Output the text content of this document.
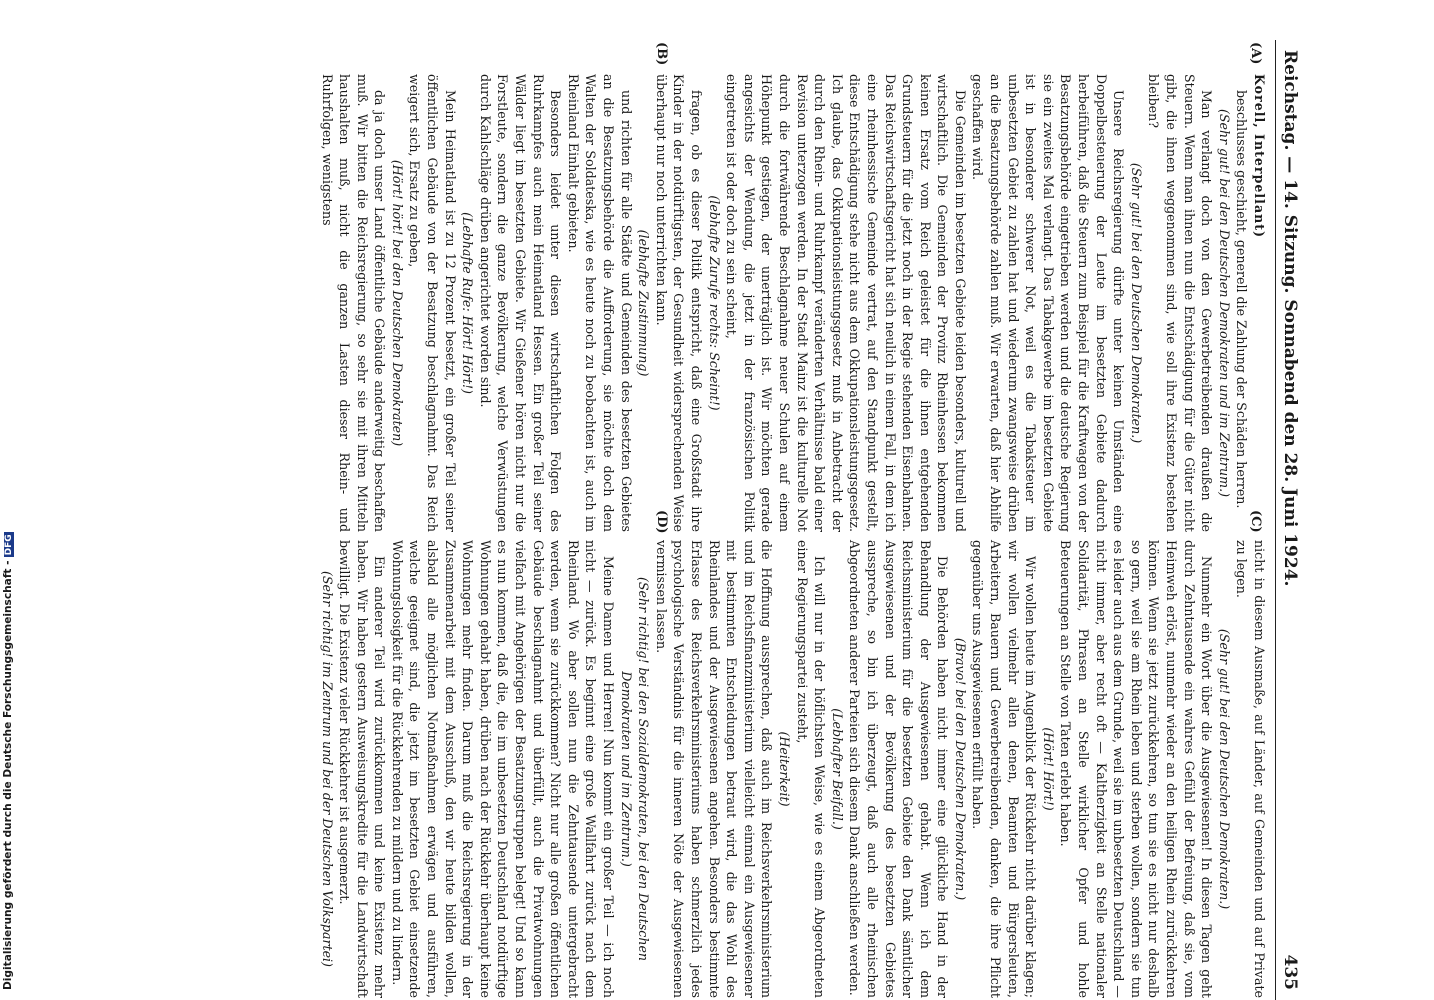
Reichstag. — 14. Sitzung. Sonnabend den 28. Juni 1924.
435
(A)
(B)
(C)
(D)

Korell, Interpellant)

beschlusses geschieht, generell die Zahlung der Schäden herren.

(Sehr gut! bei den Deutschen Demokraten und im Zentrum.)

Man verlangt doch von den Gewerbetreibenden draußen die Steuern. Wenn man ihnen nun die Entschädigung für die Güter nicht gibt, die ihnen weggenommen sind, wie soll ihre Existenz bestehen bleiben?

(Sehr gut! bei den Deutschen Demokraten.)

Unsere Reichsregierung dürfte unter keinen Umständen eine Doppelbesteuerung der Leute im besetzten Gebiete dadurch herbeiführen, daß die Steuern zum Beispiel für die Kraftwagen von der Besatzungsbehörde eingetrieben werden und die deutsche Regierung sie ein zweites Mal verlangt. Das Tabakgewerbe im besetzten Gebiete ist in besonderer schwerer Not, weil es die Tabaksteuer im unbesetzten Gebiet zu zahlen hat und wiederum zwangsweise drüben an die Besatzungsbehörde zahlen muß. Wir erwarten, daß hier Abhilfe geschaffen wird.

Die Gemeinden im besetzten Gebiete leiden besonders, kulturell und wirtschaftlich. Die Gemeinden der Provinz Rheinhessen bekommen keinen Ersatz vom Reich geleistet für die ihnen entgehenden Grundsteuern für die jetzt noch in der Regie stehenden Eisenbahnen. Das Reichswirtschaftsgericht hat sich neulich in einem Fall, in dem ich eine rheinhessische Gemeinde vertrat, auf den Standpunkt gestellt, diese Entschädigung stehe nicht aus dem Okkupationsleistungsgesetz. Ich glaube, das Okkupationsleistungsgesetz muß in Anbetracht der durch den Rhein- und Ruhrkampf veränderten Verhältnisse bald einer Revision unterzogen werden. In der Stadt Mainz ist die kulturelle Not durch die fortwährende Beschlagnahme neuer Schulen auf einem Höhepunkt gestiegen, der unerträglich ist. Wir möchten gerade angesichts der Wendung, die jetzt in der französischen Politik eingetreten ist oder doch zu sein scheint,

(lebhafte Zurufe rechts: Scheint!)

fragen, ob es dieser Politik entspricht, daß eine Großstadt ihre Kinder in der notdürftigsten, der Gesundheit widersprechenden Weise überhaupt nur noch unterrichten kann.

(lebhafte Zustimmung)

und richten für alle Städte und Gemeinden des besetzten Gebietes an die Besatzungsbehörde die Aufforderung, sie möchte doch dem Walten der Soldateska, wie es heute noch zu beobachten ist, auch im Rheinland Einhalt gebieten.

Besonders leidet unter diesen wirtschaftlichen Folgen des Ruhrkampfes auch mein Heimatland Hessen. Ein großer Teil seiner Wälder liegt im besetzten Gebiete. Wir Gießener hören nicht nur die Forstleute, sondern die ganze Bevölkerung, welche Verwüstungen durch Kahlschläge drüben angerichtet worden sind.

(Lebhafte Rufe: Hört! Hört!)

Mein Heimatland ist zu 12 Prozent besetzt, ein großer Teil seiner öffentlichen Gebäude von der Besatzung beschlagnahmt. Das Reich weigert sich, Ersatz zu geben,

(Hört! hört! bei den Deutschen Demokraten)

da ja doch unser Land öffentliche Gebäude anderweitig beschaffen muß. Wir bitten die Reichsregierung, so sehr sie mit ihren Mitteln haushalten muß, nicht die ganzen Lasten dieser Rhein- und Ruhrfolgen, wenigstens

nicht in diesem Ausmaße, auf Länder, auf Gemeinden und auf Private zu legen.

(Sehr gut! bei den Deutschen Demokraten.)

Nunmehr ein Wort über die Ausgewiesenen! In diesen Tagen geht durch Zehntausende ein wahres Gefühl der Befreiung, daß sie, vom Heimweh erlöst, nunmehr wieder an den heiligen Rhein zurückkehren können. Wenn sie jetzt zurückkehren, so tun sie es nicht nur deshalb so gern, weil sie am Rhein leben und sterben wollen, sondern sie tun es leider auch aus dem Grunde, weil sie im unbesetzten Deutschland — nicht immer, aber recht oft — Kaltherzigkeit an Stelle nationaler Solidarität, Phrasen an Stelle wirklicher Opfer und hohle Beteuerungen an Stelle von Taten erlebt haben.

(Hört! Hört!)

Wir wollen heute im Augenblick der Rückkehr nicht darüber klagen; wir wollen vielmehr allen denen, Beamten und Bürgersleuten, Arbeitern, Bauern und Gewerbetreibenden, danken, die ihre Pflicht gegenüber uns Ausgewiesenen erfüllt haben.

(Bravo! bei den Deutschen Demokraten.)

Die Behörden haben nicht immer eine glückliche Hand in der Behandlung der Ausgewiesenen gehabt. Wenn ich dem Reichsministerium für die besetzten Gebiete den Dank sämtlicher Ausgewiesenen und der Bevölkerung des besetzten Gebietes ausspreche, so bin ich überzeugt, daß auch alle rheinischen Abgeordneten anderer Parteien sich diesem Dank anschließen werden.

(Lebhafter Beifall.)

Ich will nur in der höflichsten Weise, wie es einem Abgeordneten einer Regierungspartei zusteht,

(Heiterkeit)

die Hoffnung aussprechen, daß auch im Reichsverkehrsministerium und im Reichsfinanzministerium vielleicht einmal ein Ausgewiesener mit bestimmten Entscheidungen betraut wird, die das Wohl des Rheinlandes und der Ausgewiesenen angehen. Besonders bestimmte Erlasse des Reichsverkehrsministeriums haben schmerzlich jedes psychologische Verständnis für die inneren Nöte der Ausgewiesenen vermissen lassen.

(Sehr richtig! bei den Sozialdemokraten, bei den Deutschen Demokraten und im Zentrum.)

Meine Damen und Herren! Nun kommt ein großer Teil — ich noch nicht — zurück. Es beginnt eine große Wallfahrt zurück nach dem Rheinland. Wo aber sollen nun die Zehntausende untergebracht werden, wenn sie zurückkommen? Nicht nur alle großen öffentlichen Gebäude beschlagnahmt und überfüllt, auch die Privatwohnungen vielfach mit Angehörigen der Besatzungstruppen belegt! Und so kann es nun kommen, daß die, die im unbesetzten Deutschland notdürftige Wohnungen gehabt haben, drüben nach der Rückkehr überhaupt keine Wohnungen mehr finden. Darum muß die Reichsregierung in der Zusammenarbeit mit dem Ausschuß, den wir heute bilden wollen, alsbald alle möglichen Notmaßnahmen erwägen und ausführen, welche geeignet sind, die jetzt im besetzten Gebiet einsetzende Wohnungslosigkeit für die Rückkehrenden zu mildern und zu lindern.

Ein anderer Teil wird zurückkommen und keine Existenz mehr haben. Wir haben gestern Ausweisungskredite für die Landwirtschaft bewilligt. Die Existenz vieler Rückkehrer ist ausgemerzt.

(Sehr richtig! im Zentrum und bei der Deutschen Volkspartei)

Digitalisierung gefördert durch die Deutsche Forschungsgemeinschaft -DFG
